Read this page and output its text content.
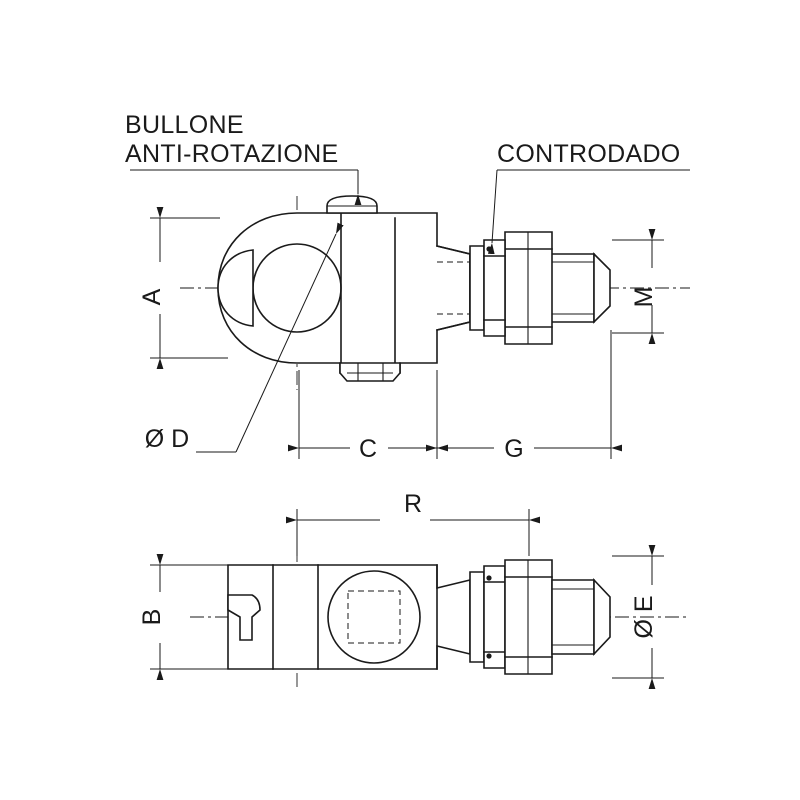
BULLONE
ANTI-ROTAZIONE	CONTRODADO
A
C	G
M
Ø D
R
B	Ø E
